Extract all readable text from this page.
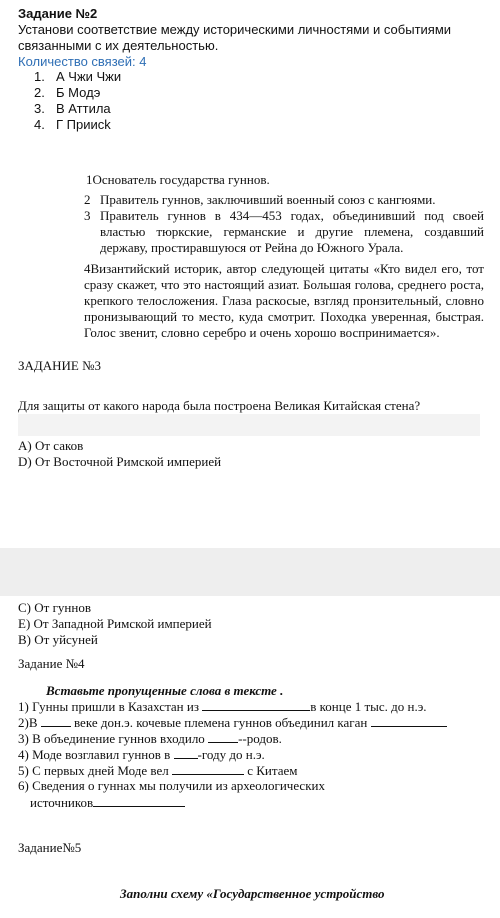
Задание №2
Установи соответствие между историческими личностями и событиями связанными с их деятельностью.
Количество связей: 4
1. А Чжи Чжи
2. Б Модэ
3. В Аттила
4. Г Приисk
1Основатель государства гуннов.
2 Правитель гуннов, заключивший военный союз с кангюями.
3 Правитель гуннов в 434—453 годах, объединивший под своей властью тюркские, германские и другие племена, создавший державу, простиравшуюся от Рейна до Южного Урала.
4Византийский историк, автор следующей цитаты «Кто видел его, тот сразу скажет, что это настоящий азиат. Большая голова, среднего роста, крепкого телосложения. Глаза раскосые, взгляд пронзительный, словно пронизывающий то место, куда смотрит. Походка уверенная, быстрая. Голос звенит, словно серебро и очень хорошо воспринимается».
ЗАДАНИЕ №3
Для защиты от какого народа была построена Великая Китайская стена?
А) От саков
D) От Восточной Римской империей
С) От гуннов
Е) От Западной Римской империей
В) От уйсуней
Задание №4
Вставьте пропущенные слова в тексте .
1) Гунны пришли в Казахстан из	в конце 1 тыс. до н.э.
2)В  веке дон.э. кочевые племена гуннов объединил каган
3) В объединение гуннов входило --родов.
4) Моде возглавил гуннов в -году до н.э.
5) С первых дней Моде вел	с Китаем
6) Сведения о гуннах мы получили из археологических
источников
Задание№5
Заполни схему «Государственное устройство
